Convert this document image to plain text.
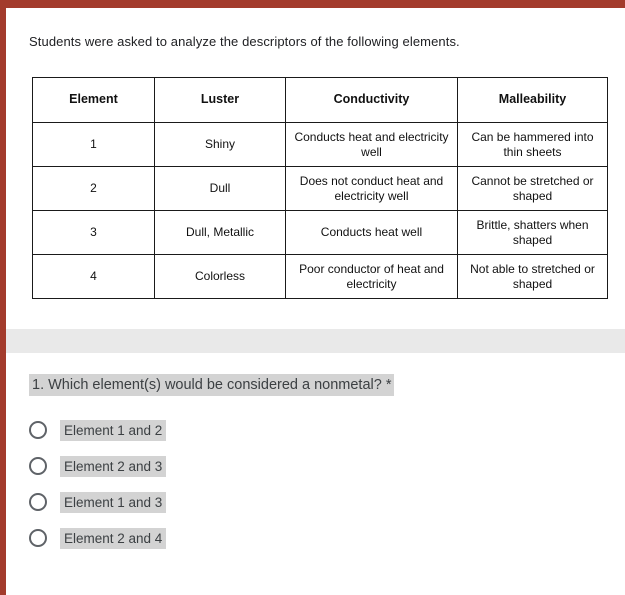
Students were asked to analyze the descriptors of the following elements.

Element	Luster	Conductivity	Malleability
1	Shiny	Conducts heat and electricity well	Can be hammered into thin sheets
2	Dull	Does not conduct heat and electricity well	Cannot be stretched or shaped
3	Dull, Metallic	Conducts heat well	Brittle, shatters when shaped
4	Colorless	Poor conductor of heat and electricity	Not able to stretched or shaped
1. Which element(s) would be considered a nonmetal? *
Element 1 and 2
Element 2 and 3
Element 1 and 3
Element 2 and 4
